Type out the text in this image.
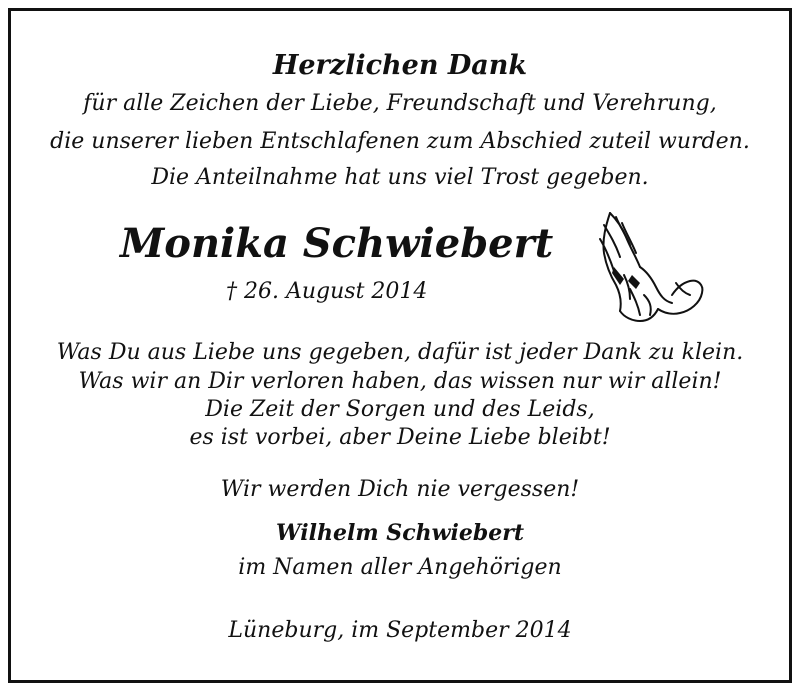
Herzlichen Dank
für alle Zeichen der Liebe, Freundschaft und Verehrung,
die unserer lieben Entschlafenen zum Abschied zuteil wurden.
Die Anteilnahme hat uns viel Trost gegeben.
Monika Schwiebert
† 26. August 2014
Was Du aus Liebe uns gegeben, dafür ist jeder Dank zu klein.
Was wir an Dir verloren haben, das wissen nur wir allein!
Die Zeit der Sorgen und des Leids,
es ist vorbei, aber Deine Liebe bleibt!
Wir werden Dich nie vergessen!
Wilhelm Schwiebert
im Namen aller Angehörigen
Lüneburg, im September 2014
